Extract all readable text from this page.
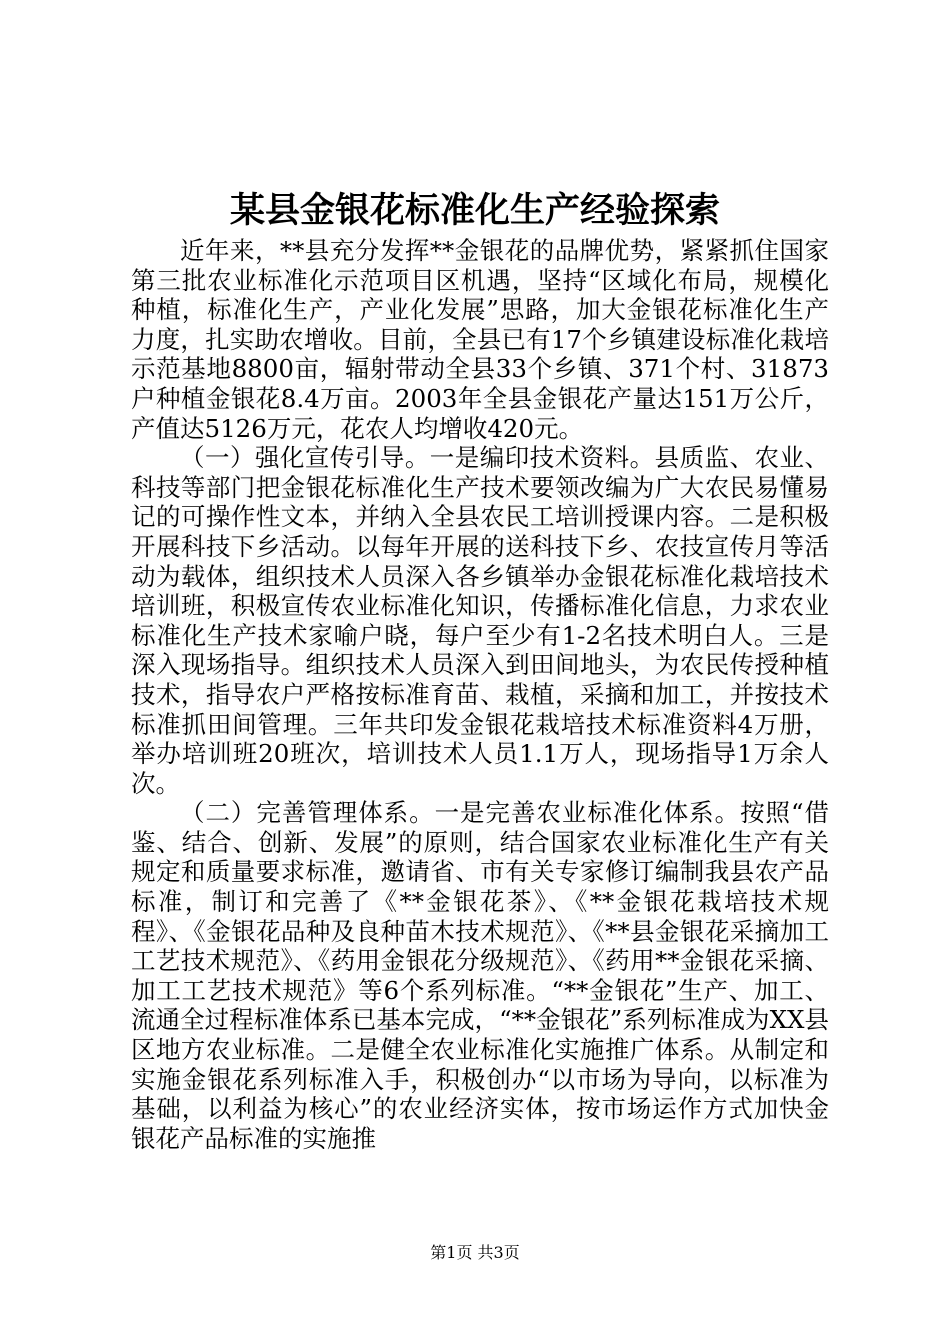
某县金银花标准化生产经验探索

近年来，**县充分发挥**金银花的品牌优势，紧紧抓住国家第三批农业标准化示范项目区机遇，坚持“区域化布局，规模化种植，标准化生产，产业化发展”思路，加大金银花标准化生产力度，扎实助农增收。目前，全县已有17个乡镇建设标准化栽培示范基地8800亩，辐射带动全县33个乡镇、371个村、31873户种植金银花8.4万亩。2003年全县金银花产量达151万公斤，产值达5126万元，花农人均增收420元。

（一）强化宣传引导。一是编印技术资料。县质监、农业、科技等部门把金银花标准化生产技术要领改编为广大农民易懂易记的可操作性文本，并纳入全县农民工培训授课内容。二是积极开展科技下乡活动。以每年开展的送科技下乡、农技宣传月等活动为载体，组织技术人员深入各乡镇举办金银花标准化栽培技术培训班，积极宣传农业标准化知识，传播标准化信息，力求农业标准化生产技术家喻户晓，每户至少有1-2名技术明白人。三是深入现场指导。组织技术人员深入到田间地头，为农民传授种植技术，指导农户严格按标准育苗、栽植，采摘和加工，并按技术标准抓田间管理。三年共印发金银花栽培技术标准资料4万册，举办培训班20班次，培训技术人员1.1万人，现场指导1万余人次。

（二）完善管理体系。一是完善农业标准化体系。按照“借鉴、结合、创新、发展”的原则，结合国家农业标准化生产有关规定和质量要求标准，邀请省、市有关专家修订编制我县农产品标准，制订和完善了《**金银花茶》、《**金银花栽培技术规程》、《金银花品种及良种苗木技术规范》、《**县金银花采摘加工工艺技术规范》、《药用金银花分级规范》、《药用**金银花采摘、加工工艺技术规范》等6个系列标准。“**金银花”生产、加工、流通全过程标准体系已基本完成，“**金银花”系列标准成为XX县区地方农业标准。二是健全农业标准化实施推广体系。从制定和实施金银花系列标准入手，积极创办“以市场为导向，以标准为基础，以利益为核心”的农业经济实体，按市场运作方式加快金银花产品标准的实施推

第1页 共3页
